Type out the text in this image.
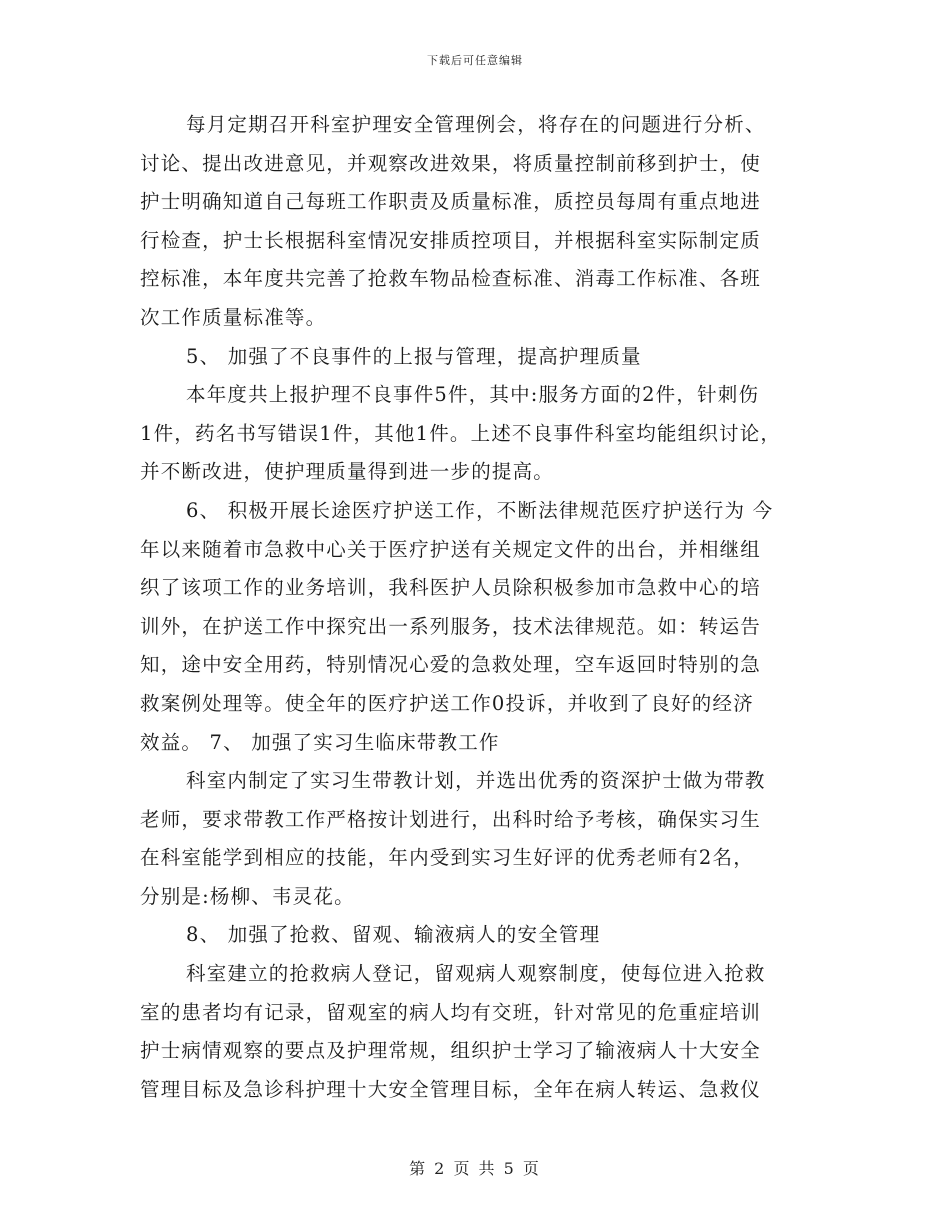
下载后可任意编辑
每月定期召开科室护理安全管理例会，将存在的问题进行分析、
讨论、提出改进意见，并观察改进效果，将质量控制前移到护士，使
护士明确知道自己每班工作职责及质量标准，质控员每周有重点地进
行检查，护士长根据科室情况安排质控项目，并根据科室实际制定质
控标准，本年度共完善了抢救车物品检查标准、消毒工作标准、各班
次工作质量标准等。
5、 加强了不良事件的上报与管理，提高护理质量
本年度共上报护理不良事件5件，其中:服务方面的2件，针刺伤
1件，药名书写错误1件，其他1件。上述不良事件科室均能组织讨论，
并不断改进，使护理质量得到进一步的提高。
6、 积极开展长途医疗护送工作，不断法律规范医疗护送行为 今
年以来随着市急救中心关于医疗护送有关规定文件的出台，并相继组
织了该项工作的业务培训，我科医护人员除积极参加市急救中心的培
训外，在护送工作中探究出一系列服务，技术法律规范。如：转运告
知，途中安全用药，特别情况心爱的急救处理，空车返回时特别的急
救案例处理等。使全年的医疗护送工作0投诉，并收到了良好的经济
效益。 7、 加强了实习生临床带教工作
科室内制定了实习生带教计划，并选出优秀的资深护士做为带教
老师，要求带教工作严格按计划进行，出科时给予考核，确保实习生
在科室能学到相应的技能，年内受到实习生好评的优秀老师有2名，
分别是:杨柳、韦灵花。
8、 加强了抢救、留观、输液病人的安全管理
科室建立的抢救病人登记，留观病人观察制度，使每位进入抢救
室的患者均有记录，留观室的病人均有交班，针对常见的危重症培训
护士病情观察的要点及护理常规，组织护士学习了输液病人十大安全
管理目标及急诊科护理十大安全管理目标，全年在病人转运、急救仪
第 2 页 共 5 页
